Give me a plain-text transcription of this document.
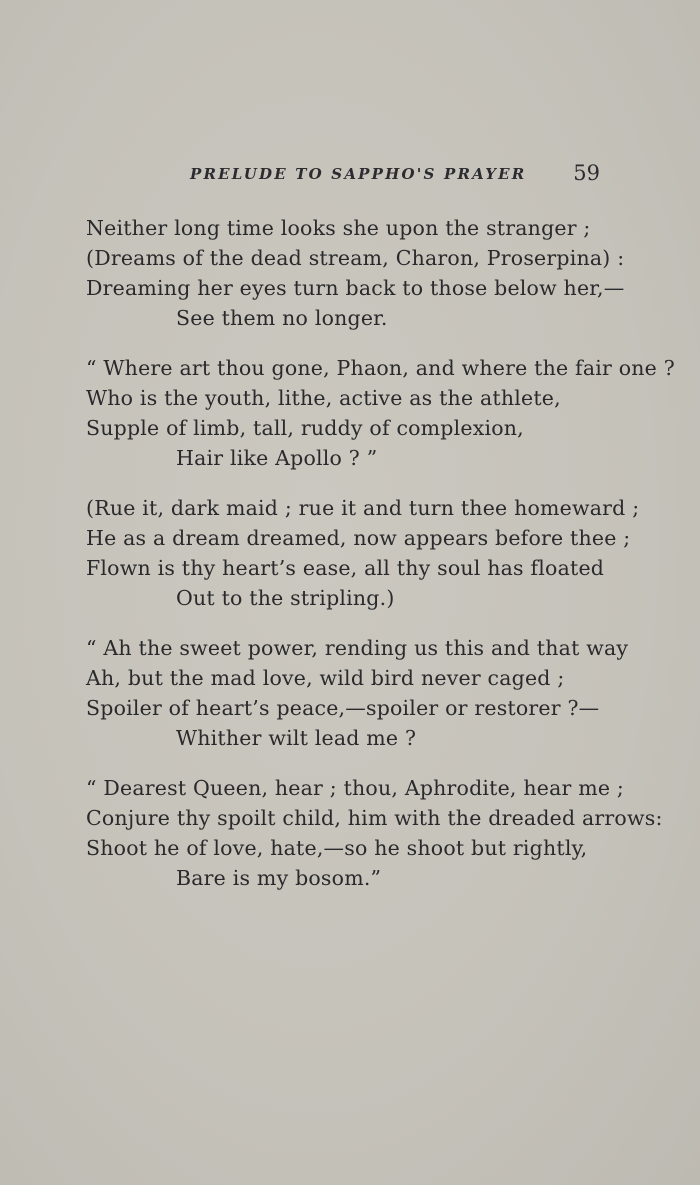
PRELUDE TO SAPPHO'S PRAYER 59
Neither long time looks she upon the stranger ;
(Dreams of the dead stream, Charon, Proserpina) :
Dreaming her eyes turn back to those below her,—
See them no longer.
“ Where art thou gone, Phaon, and where the fair one ?
Who is the youth, lithe, active as the athlete,
Supple of limb, tall, ruddy of complexion,
Hair like Apollo ? ”
(Rue it, dark maid ; rue it and turn thee homeward ;
He as a dream dreamed, now appears before thee ;
Flown is thy heart’s ease, all thy soul has floated
Out to the stripling.)
“ Ah the sweet power, rending us this and that way
Ah, but the mad love, wild bird never caged ;
Spoiler of heart’s peace,—spoiler or restorer ?—
Whither wilt lead me ?
“ Dearest Queen, hear ; thou, Aphrodite, hear me ;
Conjure thy spoilt child, him with the dreaded arrows:
Shoot he of love, hate,—so he shoot but rightly,
Bare is my bosom.”
